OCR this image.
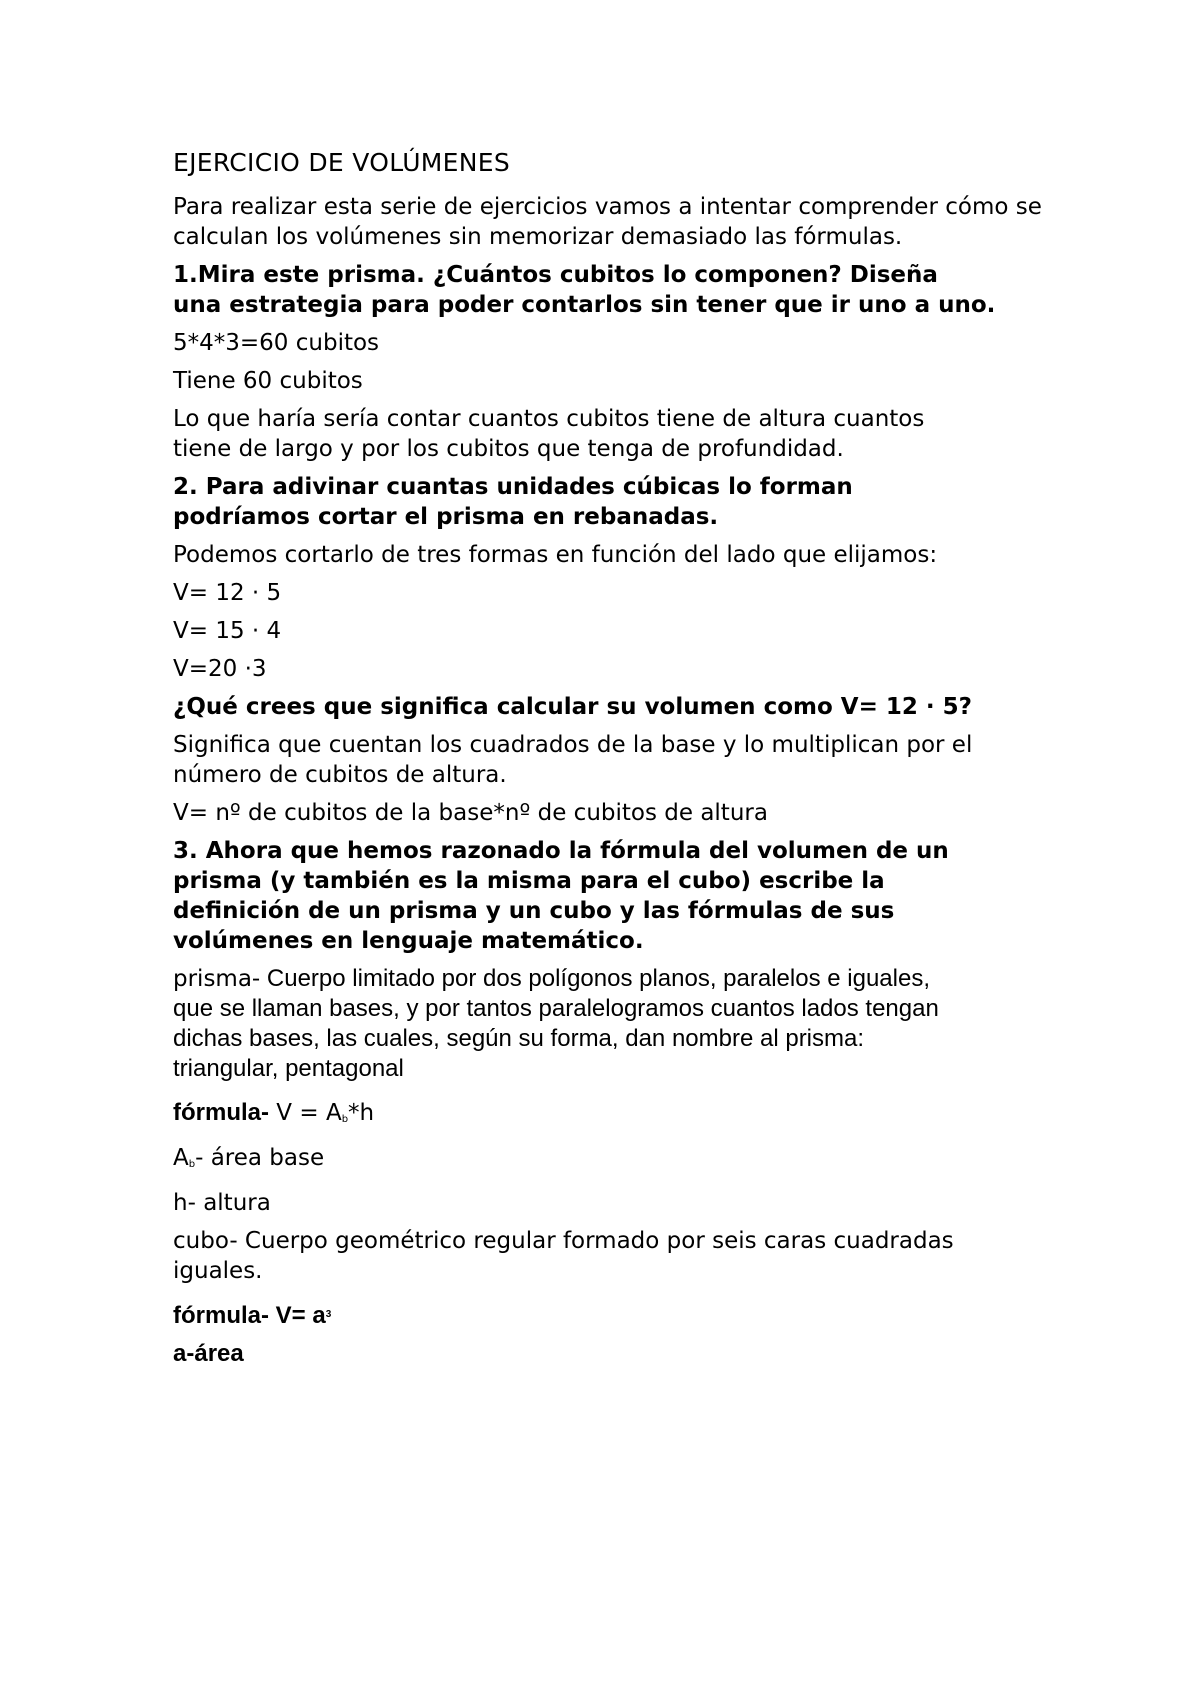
EJERCICIO DE VOLÚMENES

Para realizar esta serie de ejercicios vamos a intentar comprender cómo se calculan los volúmenes sin memorizar demasiado las fórmulas.

1.Mira este prisma. ¿Cuántos cubitos lo componen? Diseña

una estrategia para poder contarlos sin tener que ir uno a uno.

5*4*3=60 cubitos

Tiene 60 cubitos

Lo que haría sería contar cuantos cubitos tiene de altura cuantos

tiene de largo y por los cubitos que tenga de profundidad.

2. Para adivinar cuantas unidades cúbicas lo forman

podríamos cortar el prisma en rebanadas.

Podemos cortarlo de tres formas en función del lado que elijamos:

V= 12 · 5

V= 15 · 4

V=20 ·3

¿Qué crees que significa calcular su volumen como V= 12 · 5?

Significa que cuentan los cuadrados de la base y lo multiplican por el

número de cubitos de altura.

V= nº de cubitos de la base*nº de cubitos de altura

3. Ahora que hemos razonado la fórmula del volumen de un

prisma (y también es la misma para el cubo) escribe la

definición de un prisma y un cubo y las fórmulas de sus

volúmenes en lenguaje matemático.

prisma- Cuerpo limitado por dos polígonos planos, paralelos e iguales,

que se llaman bases, y por tantos paralelogramos cuantos lados tengan

dichas bases, las cuales, según su forma, dan nombre al prisma:

triangular, pentagonal

fórmula- $V = A_b*h$

$A_b-$ área base

h- altura

cubo- Cuerpo geométrico regular formado por seis caras cuadradas

iguales.

fórmula- $V= a^3$

a-área
